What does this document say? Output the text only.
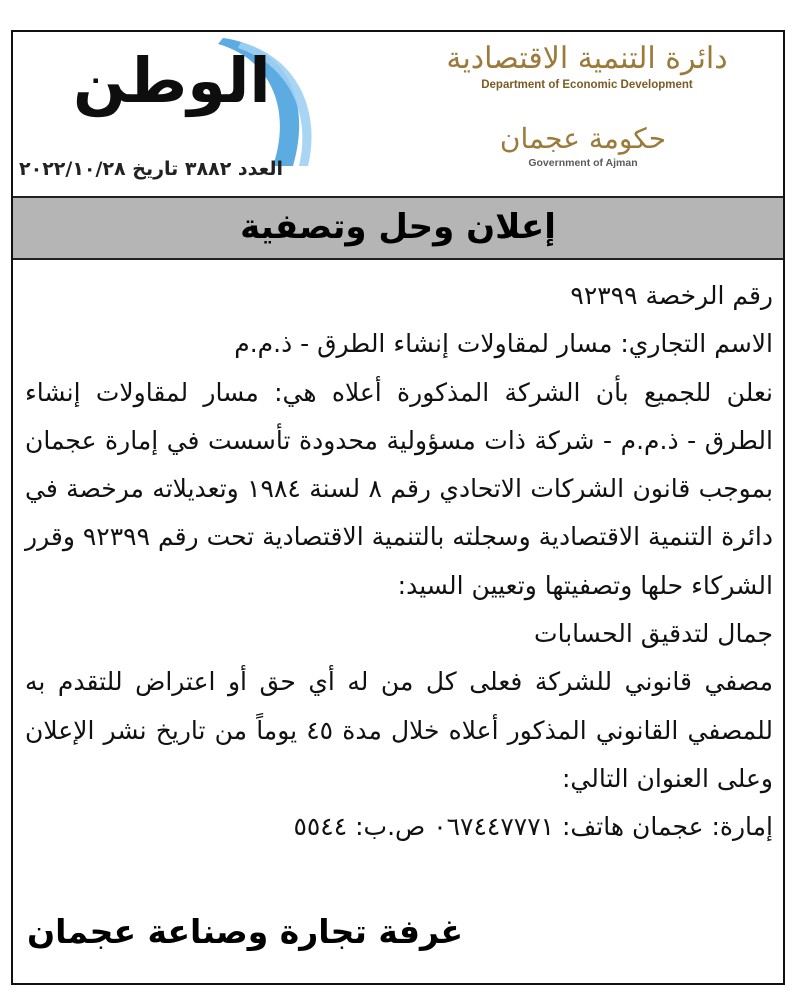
الوطن
العدد ٣٨٨٢ تاريخ ٢٠٢٢/١٠/٢٨
دائرة التنمية الاقتصادية
Department of Economic Development
حكومة عجمان
Government of Ajman
إعلان وحل وتصفية

رقم الرخصة ٩٢٣٩٩

الاسم التجاري: مسار لمقاولات إنشاء الطرق - ذ.م.م

نعلن للجميع بأن الشركة المذكورة أعلاه هي: مسار لمقاولات إنشاء الطرق - ذ.م.م - شركة ذات مسؤولية محدودة تأسست في إمارة عجمان بموجب قانون الشركات الاتحادي رقم ٨ لسنة ١٩٨٤ وتعديلاته مرخصة في دائرة التنمية الاقتصادية وسجلته بالتنمية الاقتصادية تحت رقم ٩٢٣٩٩ وقرر الشركاء حلها وتصفيتها وتعيين السيد:

جمال لتدقيق الحسابات

مصفي قانوني للشركة فعلى كل من له أي حق أو اعتراض للتقدم به للمصفي القانوني المذكور أعلاه خلال مدة ٤٥ يوماً من تاريخ نشر الإعلان وعلى العنوان التالي:

إمارة: عجمان هاتف: ٠٦٧٤٤٧٧٧١ ص.ب: ٥٥٤٤

غرفة تجارة وصناعة عجمان
